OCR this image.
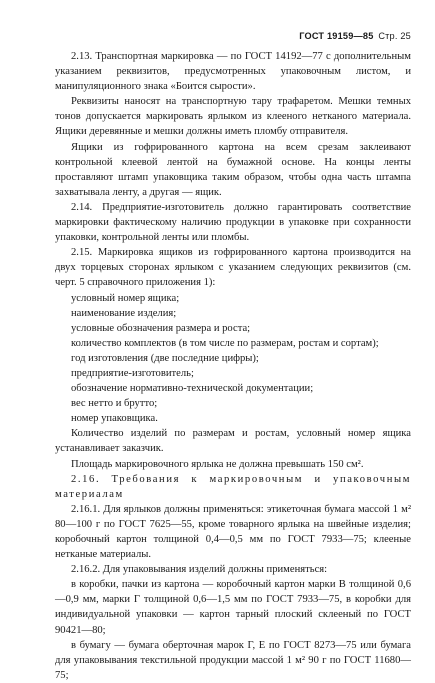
ГОСТ 19159—85 Стр. 25

2.13. Транспортная маркировка — по ГОСТ 14192—77 с дополнительным указанием реквизитов, предусмотренных упаковочным листом, и манипуляционного знака «Боится сырости».

Реквизиты наносят на транспортную тару трафаретом. Мешки темных тонов допускается маркировать ярлыком из клееного нетканого материала. Ящики деревянные и мешки должны иметь пломбу отправителя.

Ящики из гофрированного картона на всем срезам заклеивают контрольной клеевой лентой на бумажной основе. На концы ленты проставляют штамп упаковщика таким образом, чтобы одна часть штампа захватывала ленту, а другая — ящик.

2.14. Предприятие-изготовитель должно гарантировать соответствие маркировки фактическому наличию продукции в упаковке при сохранности упаковки, контрольной ленты или пломбы.

2.15. Маркировка ящиков из гофрированного картона производится на двух торцевых сторонах ярлыком с указанием следующих реквизитов (см. черт. 5 справочного приложения 1):

условный номер ящика;

наименование изделия;

условные обозначения размера и роста;

количество комплектов (в том числе по размерам, ростам и сортам);

год изготовления (две последние цифры);

предприятие-изготовитель;

обозначение нормативно-технической документации;

вес нетто и брутто;

номер упаковщика.

Количество изделий по размерам и ростам, условный номер ящика устанавливает заказчик.

Площадь маркировочного ярлыка не должна превышать 150 см².

2.16. Требования к маркировочным и упаковочным материалам

2.16.1. Для ярлыков должны применяться: этикеточная бумага массой 1 м² 80—100 г по ГОСТ 7625—55, кроме товарного ярлыка на швейные изделия; коробочный картон толщиной 0,4—0,5 мм по ГОСТ 7933—75; клееные нетканые материалы.

2.16.2. Для упаковывания изделий должны применяться:

в коробки, пачки из картона — коробочный картон марки В толщиной 0,6—0,9 мм, марки Г толщиной 0,6—1,5 мм по ГОСТ 7933—75, в коробки для индивидуальной упаковки — картон тарный плоский склееный по ГОСТ 90421—80;

в бумагу — бумага оберточная марок Г, Е по ГОСТ 8273—75 или бумага для упаковывания текстильной продукции массой 1 м² 90 г по ГОСТ 11680—75;
